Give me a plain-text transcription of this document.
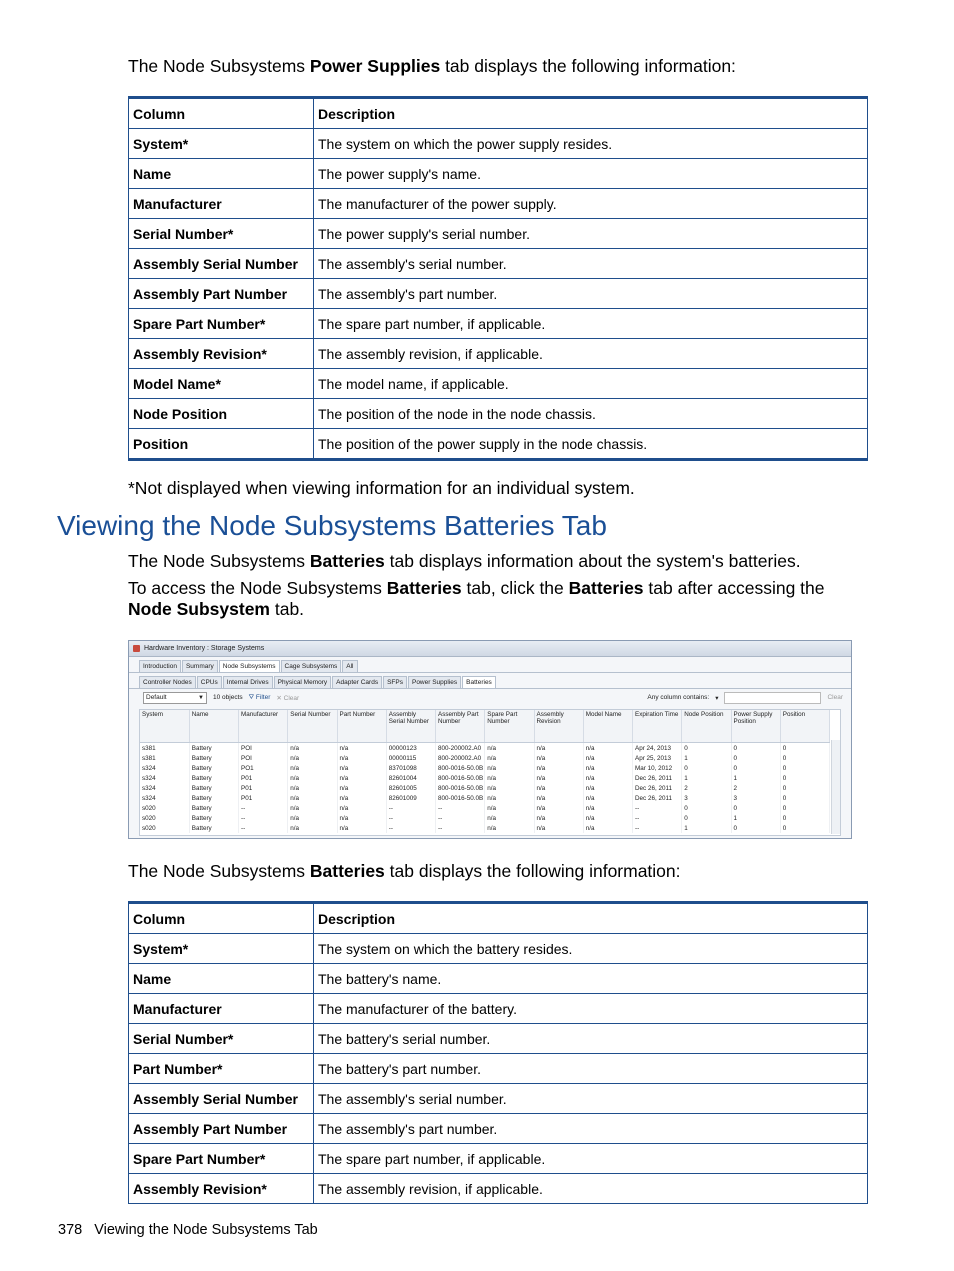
The Node Subsystems Power Supplies tab displays the following information:
Column	Description
System*	The system on which the power supply resides.
Name	The power supply's name.
Manufacturer	The manufacturer of the power supply.
Serial Number*	The power supply's serial number.
Assembly Serial Number	The assembly's serial number.
Assembly Part Number	The assembly's part number.
Spare Part Number*	The spare part number, if applicable.
Assembly Revision*	The assembly revision, if applicable.
Model Name*	The model name, if applicable.
Node Position	The position of the node in the node chassis.
Position	The position of the power supply in the node chassis.
*Not displayed when viewing information for an individual system.
Viewing the Node Subsystems Batteries Tab
The Node Subsystems Batteries tab displays information about the system's batteries.
To access the Node Subsystems Batteries tab, click the Batteries tab after accessing the Node Subsystem tab.
Hardware Inventory : Storage Systems
Introduction	Summary	Node Subsystems	Cage Subsystems	All
Controller Nodes	CPUs	Internal Drives	Physical Memory	Adapter Cards	SFPs	Power Supplies	Batteries
Default	▼ 10 objects ⛛ Filter ✕ Clear	Any column contains: ▾	Clear
System	Name	Manufacturer	Serial Number	Part Number	Assembly Serial Number	Assembly Part Number	Spare Part Number	Assembly Revision	Model Name	Expiration Time	Node Position	Power Supply Position	Position
s381	Battery	POI	n/a	n/a	00000123	800-200002.A0	n/a	n/a	n/a	Apr 24, 2013	0	0	0
s381	Battery	POI	n/a	n/a	00000115	800-200002.A0	n/a	n/a	n/a	Apr 25, 2013	1	0	0
s324	Battery	PO1	n/a	n/a	83701098	800-0016-50.0B	n/a	n/a	n/a	Mar 10, 2012	0	0	0
s324	Battery	P01	n/a	n/a	82601004	800-0016-50.0B	n/a	n/a	n/a	Dec 26, 2011	1	1	0
s324	Battery	P01	n/a	n/a	82601005	800-0016-50.0B	n/a	n/a	n/a	Dec 26, 2011	2	2	0
s324	Battery	P01	n/a	n/a	82601009	800-0016-50.0B	n/a	n/a	n/a	Dec 26, 2011	3	3	0
s020	Battery	--	n/a	n/a	--	--	n/a	n/a	n/a	--	0	0	0
s020	Battery	--	n/a	n/a	--	--	n/a	n/a	n/a	--	0	1	0
s020	Battery	--	n/a	n/a	--	--	n/a	n/a	n/a	--	1	0	0
The Node Subsystems Batteries tab displays the following information:
Column	Description
System*	The system on which the battery resides.
Name	The battery's name.
Manufacturer	The manufacturer of the battery.
Serial Number*	The battery's serial number.
Part Number*	The battery's part number.
Assembly Serial Number	The assembly's serial number.
Assembly Part Number	The assembly's part number.
Spare Part Number*	The spare part number, if applicable.
Assembly Revision*	The assembly revision, if applicable.
378 Viewing the Node Subsystems Tab
